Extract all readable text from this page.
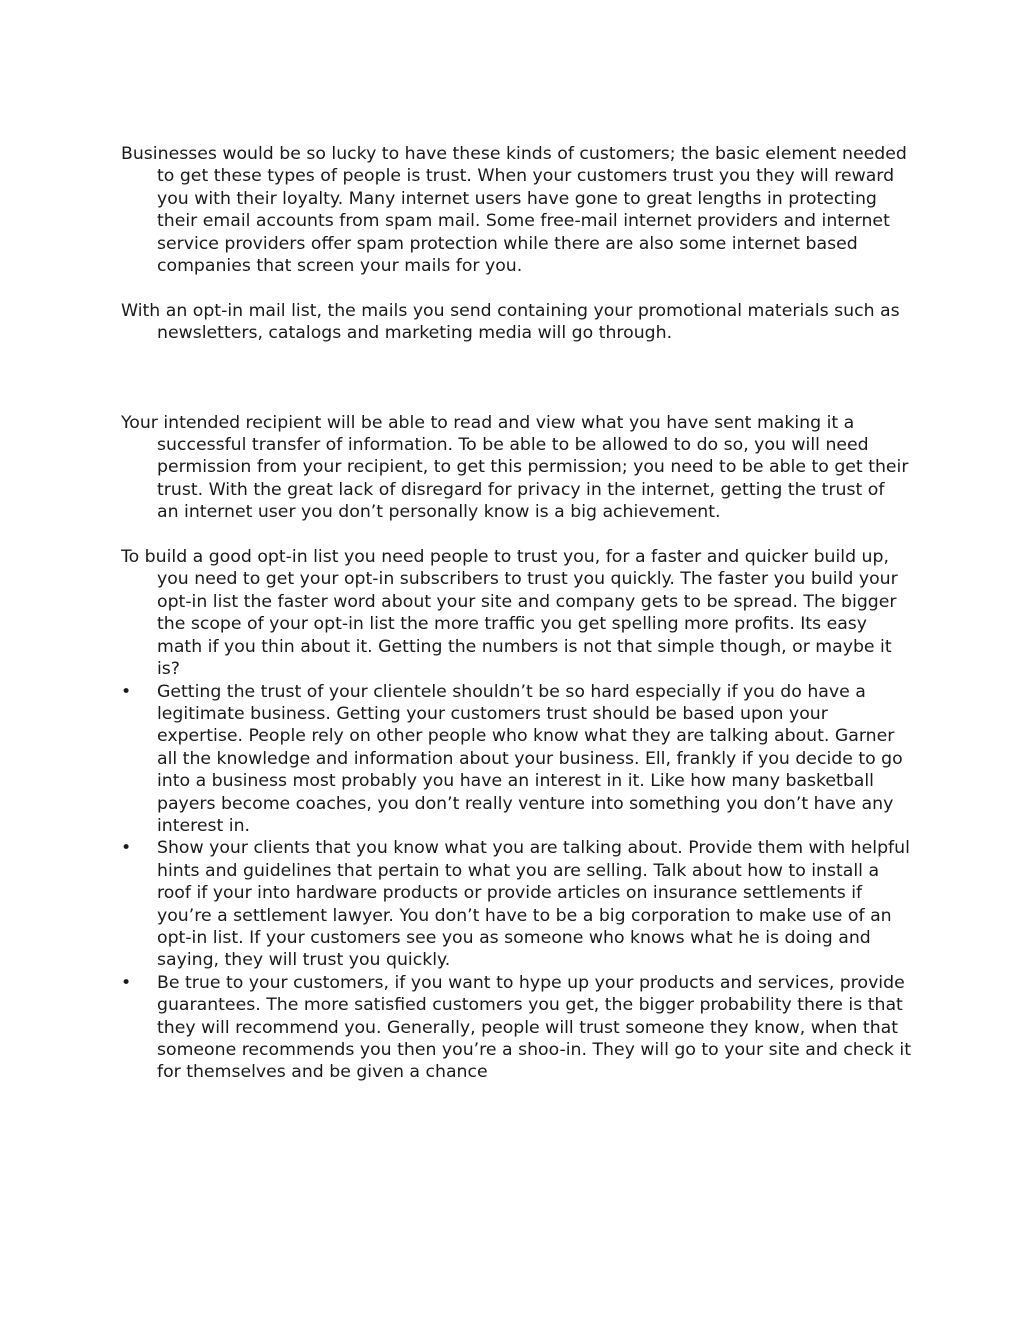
Businesses would be so lucky to have these kinds of customers; the basic element needed to get these types of people is trust. When your customers trust you they will reward you with their loyalty. Many internet users have gone to great lengths in protecting their email accounts from spam mail. Some free-mail internet providers and internet service providers offer spam protection while there are also some internet based companies that screen your mails for you.

With an opt-in mail list, the mails you send containing your promotional materials such as newsletters, catalogs and marketing media will go through.

Your intended recipient will be able to read and view what you have sent making it a successful transfer of information. To be able to be allowed to do so, you will need permission from your recipient, to get this permission; you need to be able to get their trust. With the great lack of disregard for privacy in the internet, getting the trust of an internet user you don’t personally know is a big achievement.

To build a good opt-in list you need people to trust you, for a faster and quicker build up, you need to get your opt-in subscribers to trust you quickly. The faster you build your opt-in list the faster word about your site and company gets to be spread. The bigger the scope of your opt-in list the more traffic you get spelling more profits. Its easy math if you thin about it. Getting the numbers is not that simple though, or maybe it is?

•	Getting the trust of your clientele shouldn’t be so hard especially if you do have a legitimate business. Getting your customers trust should be based upon your expertise. People rely on other people who know what they are talking about. Garner all the knowledge and information about your business. Ell, frankly if you decide to go into a business most probably you have an interest in it. Like how many basketball payers become coaches, you don’t really venture into something you don’t have any interest in.
•	Show your clients that you know what you are talking about. Provide them with helpful hints and guidelines that pertain to what you are selling. Talk about how to install a roof if your into hardware products or provide articles on insurance settlements if you’re a settlement lawyer. You don’t have to be a big corporation to make use of an opt-in list. If your customers see you as someone who knows what he is doing and saying, they will trust you quickly.
•	Be true to your customers, if you want to hype up your products and services, provide guarantees. The more satisfied customers you get, the bigger probability there is that they will recommend you. Generally, people will trust someone they know, when that someone recommends you then you’re a shoo-in. They will go to your site and check it for themselves and be given a chance
